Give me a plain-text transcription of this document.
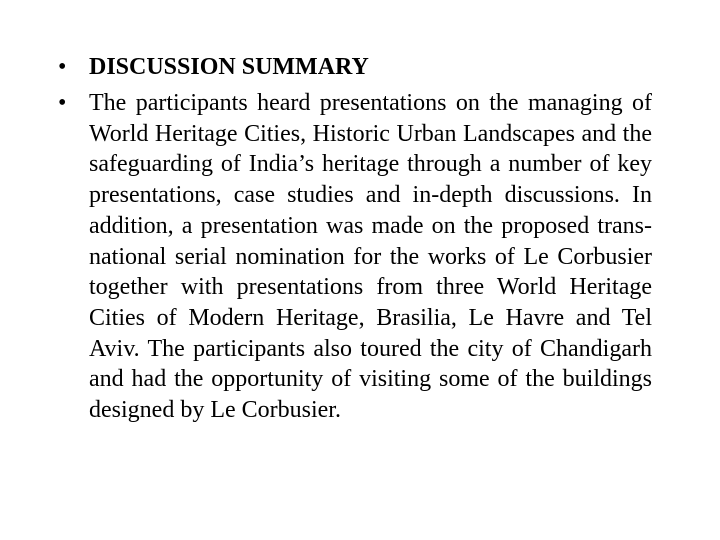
• DISCUSSION SUMMARY
• The participants heard presentations on the managing of World Heritage Cities, Historic Urban Landscapes and the safeguarding of India’s heritage through a number of key presentations, case studies and in-depth discussions. In addition, a presentation was made on the proposed trans-national serial nomination for the works of Le Corbusier together with presentations from three World Heritage Cities of Modern Heritage, Brasilia, Le Havre and Tel Aviv. The participants also toured the city of Chandigarh and had the opportunity of visiting some of the buildings designed by Le Corbusier.
